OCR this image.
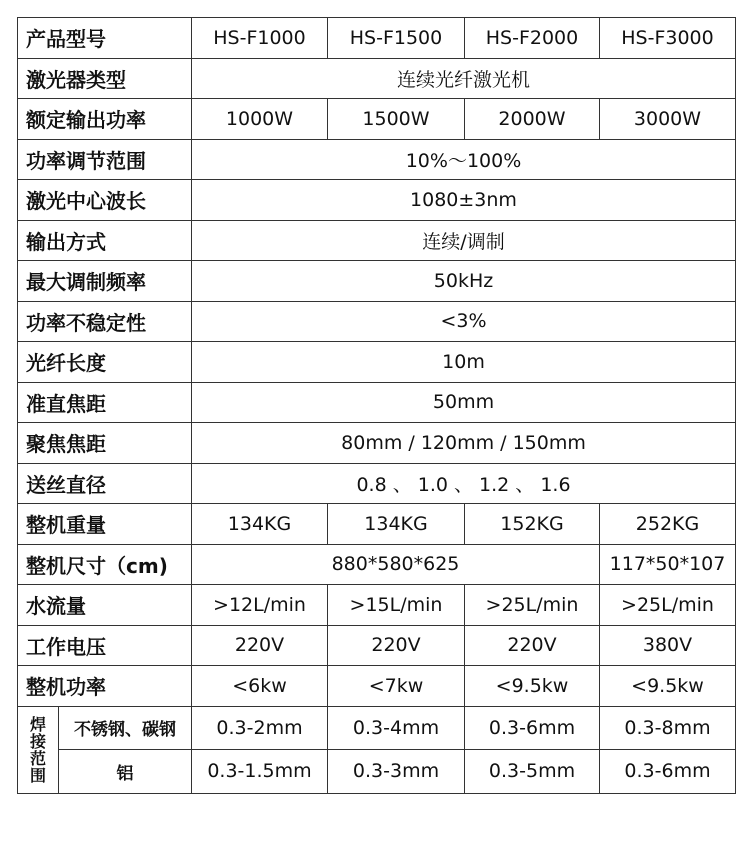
产品型号		HS-F1000	HS-F1500	HS-F2000	HS-F3000
激光器类型		连续光纤激光机			
额定输出功率		1000W	1500W	2000W	3000W
功率调节范围		10%～100%			
激光中心波长		1080±3nm			
输出方式		连续/调制			
最大调制频率		50kHz			
功率不稳定性		<3%			
光纤长度		10m			
准直焦距		50mm			
聚焦焦距		80mm / 120mm / 150mm			
送丝直径		0.8 、 1.0 、 1.2 、 1.6			
整机重量		134KG	134KG	152KG	252KG
整机尺寸（cm)		880*580*625			117*50*107
水流量		>12L/min	>15L/min	>25L/min	>25L/min
工作电压		220V	220V	220V	380V
整机功率		<6kw	<7kw	<9.5kw	<9.5kw
焊接范围	不锈钢、碳钢	0.3-2mm	0.3-4mm	0.3-6mm	0.3-8mm
	铝	0.3-1.5mm	0.3-3mm	0.3-5mm	0.3-6mm
